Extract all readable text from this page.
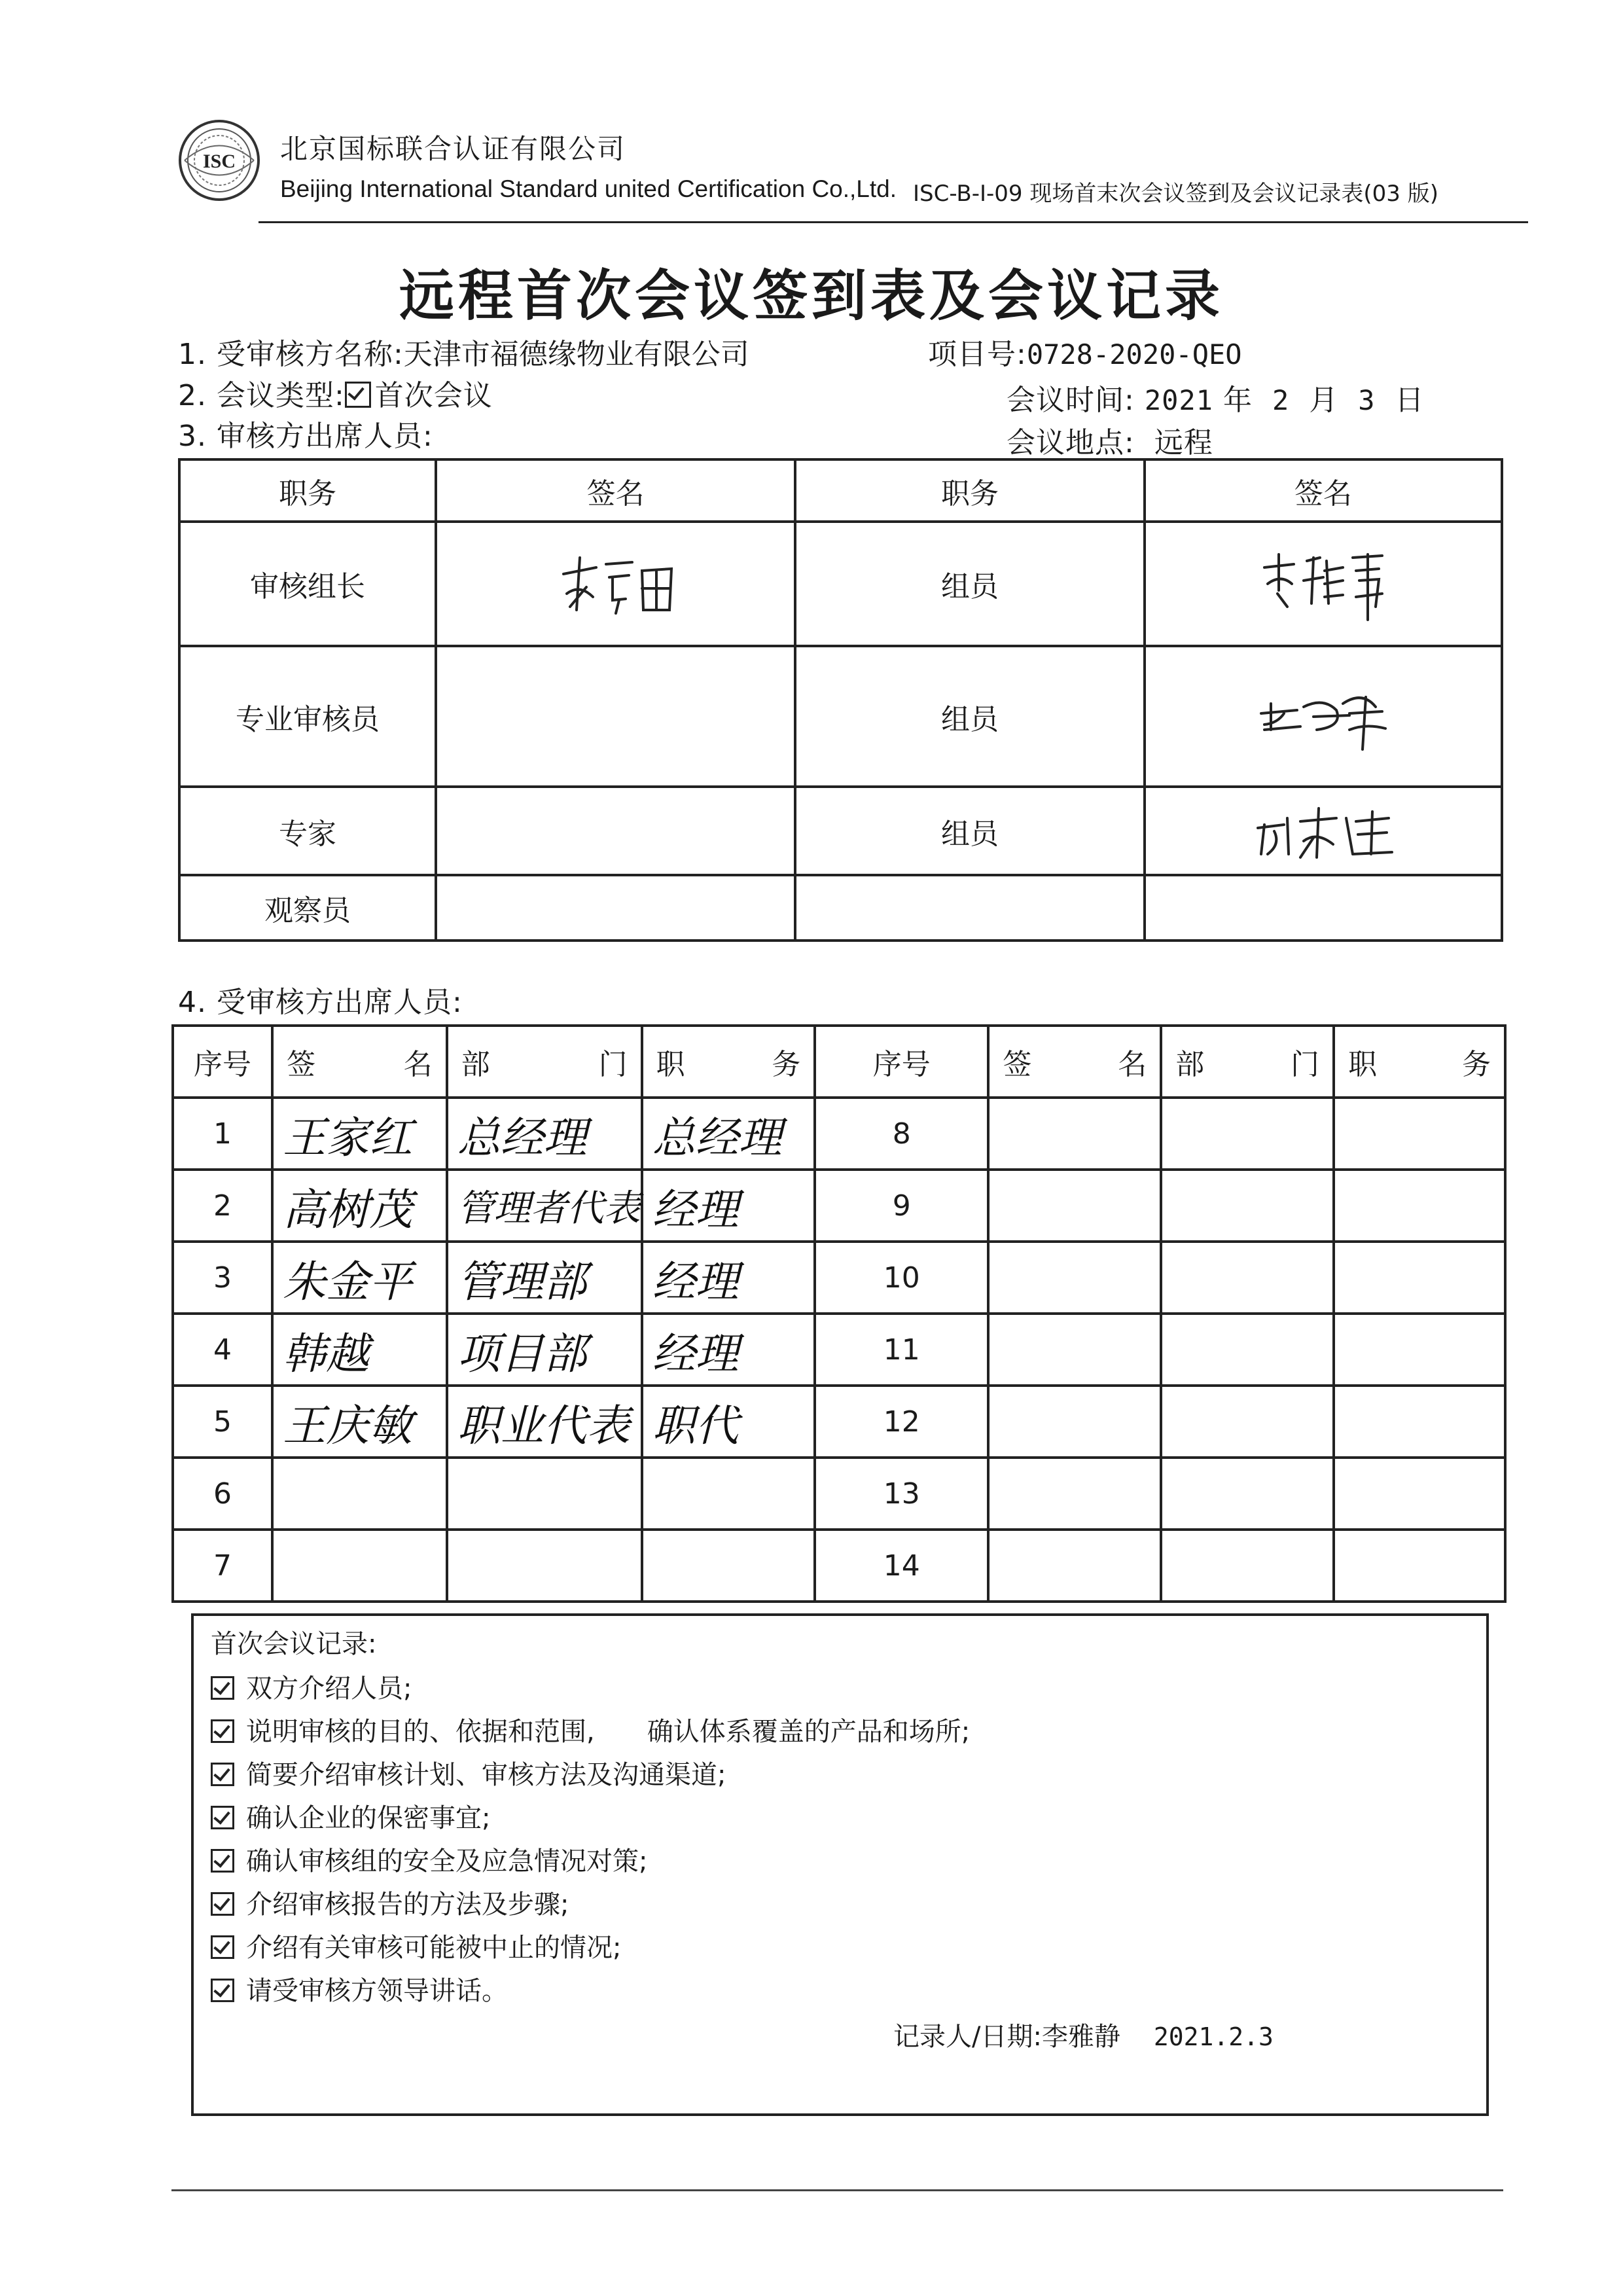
ISC 北京国标联合认证有限公司
Beijing International Standard united Certification Co.,Ltd. ISC-B-I-09 现场首末次会议签到及会议记录表(03 版)
远程首次会议签到表及会议记录
1. 受审核方名称:天津市福德缘物业有限公司	项目号:0728-2020-QEO
2. 会议类型: 首次会议	会议时间: 2021 年 2 月 3 日
3. 审核方出席人员:	会议地点: 远程
职务	签名	职务	签名
审核组长		组员	

专业审核员		组员	

专家		组员	

观察员			
4. 受审核方出席人员:
序号	签 名	部 门	职 务	序号	签 名	部 门	职 务

1	王家红	总经理	总经理	8			
2	高树茂	管理者代表	经理	9			
3	朱金平	管理部	经理	10			
4	韩越	项目部	经理	11			
5	王庆敏	职业代表	职代	12			
6				13			
7				14			
首次会议记录:
双方介绍人员;
说明审核的目的、依据和范围,　　确认体系覆盖的产品和场所;
简要介绍审核计划、审核方法及沟通渠道;
确认企业的保密事宜;
确认审核组的安全及应急情况对策;
介绍审核报告的方法及步骤;
介绍有关审核可能被中止的情况;
请受审核方领导讲话。
记录人/日期:李雅静 2021.2.3
